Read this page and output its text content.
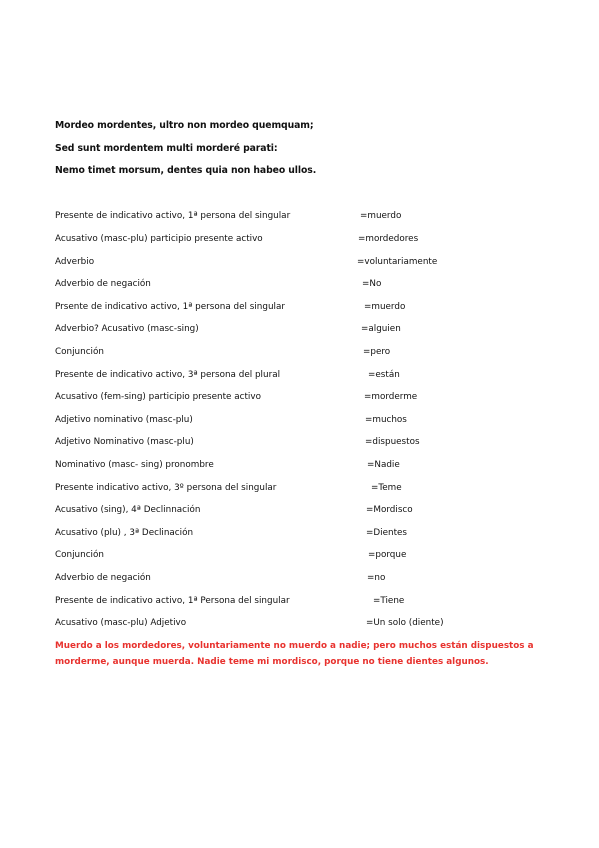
Mordeo mordentes, ultro non mordeo quemquam;
Sed sunt mordentem multi morderé parati:
Nemo timet morsum, dentes quia non habeo ullos.
Presente de indicativo activo, 1ª persona del singular	=muerdo
Acusativo (masc-plu) participio presente activo	=mordedores
Adverbio	=voluntariamente
Adverbio de negación	=No
Prsente de indicativo activo, 1ª persona del singular	=muerdo
Adverbio? Acusativo (masc-sing)	=alguien
Conjunción	=pero
Presente de indicativo activo, 3ª persona del plural	=están
Acusativo (fem-sing) participio presente activo	=morderme
Adjetivo nominativo (masc-plu)	=muchos
Adjetivo Nominativo (masc-plu)	=dispuestos
Nominativo (masc- sing) pronombre	=Nadie
Presente indicativo activo, 3º persona del singular	=Teme
Acusativo (sing), 4ª Declinnación	=Mordisco
Acusativo (plu) , 3ª Declinación	=Dientes
Conjunción	=porque
Adverbio de negación	=no
Presente de indicativo activo, 1ª Persona del singular	=Tiene
Acusativo (masc-plu) Adjetivo	=Un solo (diente)
Muerdo a los mordedores, voluntariamente no muerdo a nadie; pero muchos están dispuestos a morderme, aunque muerda. Nadie teme mi mordisco, porque no tiene dientes algunos.
